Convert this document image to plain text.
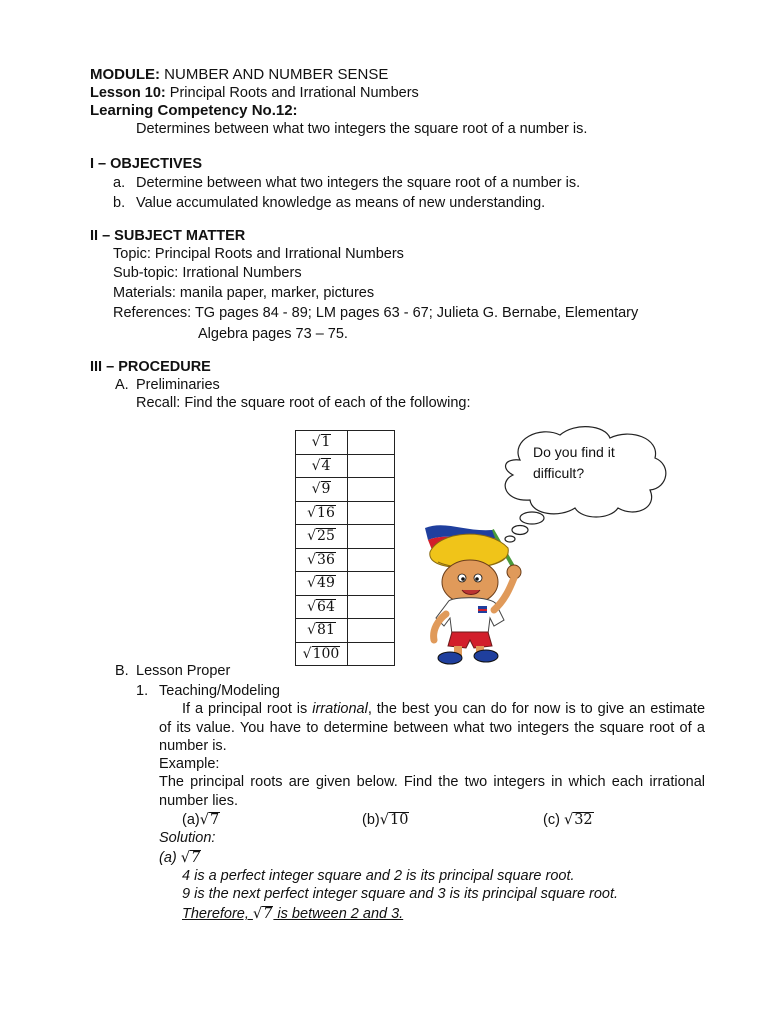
MODULE: NUMBER AND NUMBER SENSE
Lesson 10: Principal Roots and Irrational Numbers
Learning Competency No.12:
Determines between what two integers the square root of a number is.
I – OBJECTIVES
a. Determine between what two integers the square root of a number is.
b. Value accumulated knowledge as means of new understanding.
II – SUBJECT MATTER
Topic: Principal Roots and Irrational Numbers
Sub-topic: Irrational Numbers
Materials: manila paper, marker, pictures
References: TG pages 84 - 89; LM pages 63 - 67; Julieta G. Bernabe, Elementary
Algebra pages 73 – 75.
III – PROCEDURE
A. Preliminaries
Recall: Find the square root of each of the following:
√1	
√4	
√9	
√16	
√25	
√36	
√49	
√64	
√81	
√100	
Do you find it
difficult?
B. Lesson Proper
1. Teaching/Modeling
If a principal root is irrational, the best you can do for now is to give an estimate of its value. You have to determine between what two integers the square root of a number is.
Example:
The principal roots are given below. Find the two integers in which each irrational number lies.
(a)√7	(b)√10	(c) √32
Solution:
(a) √7
4 is a perfect integer square and 2 is its principal square root.
9 is the next perfect integer square and 3 is its principal square root.
Therefore, √7 is between 2 and 3.
